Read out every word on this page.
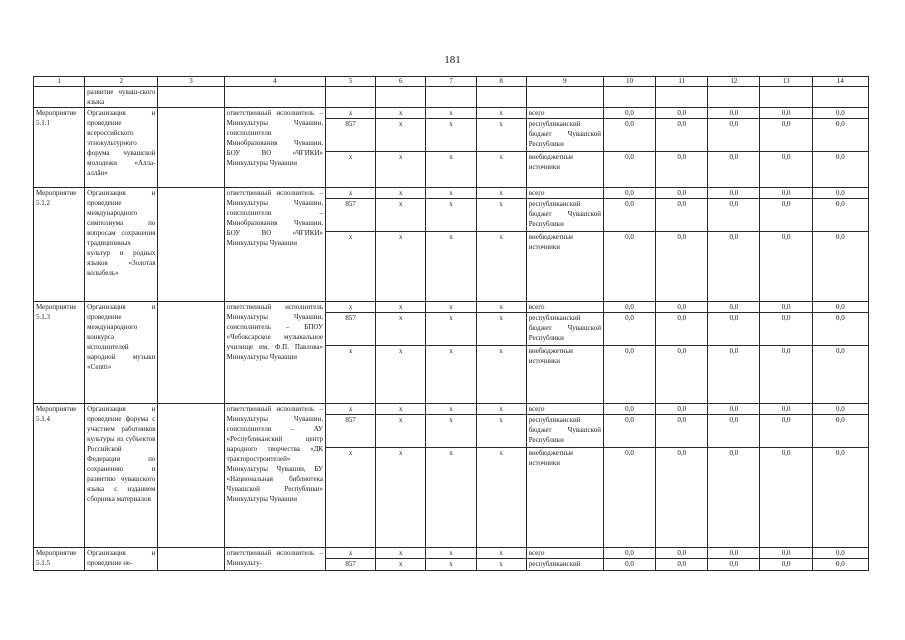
181
1	2	3	4	5	6	7	8	9	10	11	12	13	14
	развитие чуваш-ского языка												
Мероприятие 5.1.1	Организация и проведение всероссийского этнокультурного форума чувашской молодежи «Алла-аллăн»		ответственный исполнитель – Минкультуры Чувашии, соисполнители Минобразования Чувашии, БОУ ВО «ЧГИКИ» Минкультуры Чувашии	x	x	x	x	всего	0,0	0,0	0,0	0,0	0,0
				857	x	x	x	республиканский бюджет Чувашской Республики	0,0	0,0	0,0	0,0	0,0
				x	x	x	x	внебюджетные источники	0,0	0,0	0,0	0,0	0,0
Мероприятие 5.1.2	Организация и проведение международного симпозиума по вопросам сохранения традиционных культур и родных языков «Золотая колыбель»		ответственный исполнитель – Минкультуры Чувашии, соисполнители – Минобразования Чувашии, БОУ ВО «ЧГИКИ» Минкультуры Чувашии	x	x	x	x	всего	0,0	0,0	0,0	0,0	0,0
				857	x	x	x	республиканский бюджет Чувашской Республики	0,0	0,0	0,0	0,0	0,0
				x	x	x	x	внебюджетные источники	0,0	0,0	0,0	0,0	0,0
Мероприятие 5.1.3	Организация и проведение международного конкурса исполнителей народной музыки «Сеntti»		ответственный исполнитель Минкультуры Чувашии, соисполнитель – БПОУ «Чебоксарское музыкальное училище им. Ф.П. Павлова» Минкультуры Чувашии	x	x	x	x	всего	0,0	0,0	0,0	0,0	0,0
				857	x	x	x	республиканский бюджет Чувашской Республики	0,0	0,0	0,0	0,0	0,0
				x	x	x	x	внебюджетные источники	0,0	0,0	0,0	0,0	0,0
Мероприятие 5.1.4	Организация и проведение форума с участием работников культуры из субъектов Российской Федерации по сохранению и развитию чувашского языка с изданием сборника материалов		ответственный исполнитель – Минкультуры Чувашии, соисполнители – АУ «Республиканский центр народного творчества «ДК тракторостроителей» Минкультуры Чувашии, БУ «Национальная библиотека Чувашской Республики» Минкультуры Чувашии	x	x	x	x	всего	0,0	0,0	0,0	0,0	0,0
				857	x	x	x	республиканский бюджет Чувашской Республики	0,0	0,0	0,0	0,0	0,0
				x	x	x	x	внебюджетные источники	0,0	0,0	0,0	0,0	0,0
Мероприятие 5.1.5	Организация и проведение не-		ответственный исполнитель – Минкульту-	x	x	x	x	всего	0,0	0,0	0,0	0,0	0,0
				857	x	x	x	республиканский	0,0	0,0	0,0	0,0	0,0
